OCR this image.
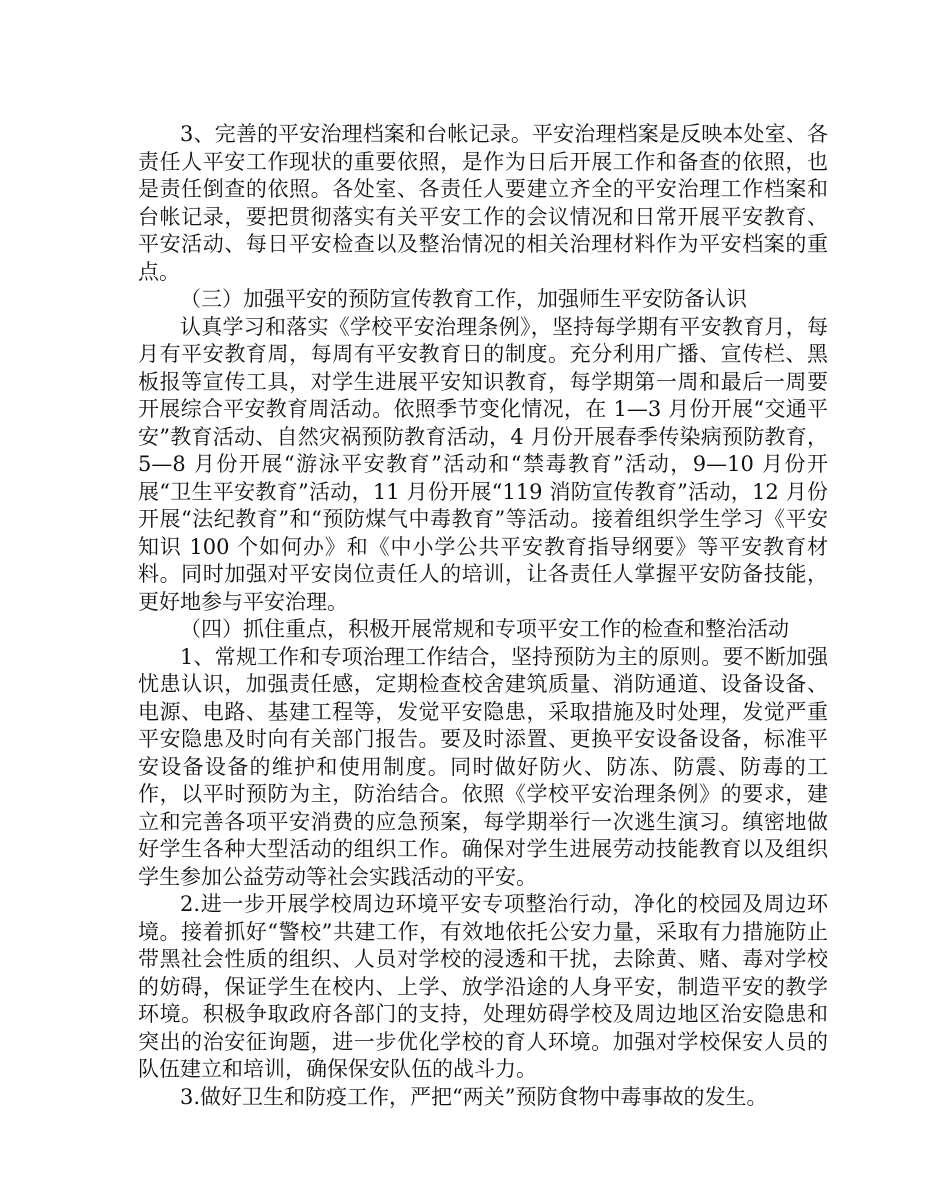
3、完善的平安治理档案和台帐记录。平安治理档案是反映本处室、各责任人平安工作现状的重要依照，是作为日后开展工作和备查的依照，也是责任倒查的依照。各处室、各责任人要建立齐全的平安治理工作档案和台帐记录，要把贯彻落实有关平安工作的会议情况和日常开展平安教育、平安活动、每日平安检查以及整治情况的相关治理材料作为平安档案的重点。

（三）加强平安的预防宣传教育工作，加强师生平安防备认识

认真学习和落实《学校平安治理条例》，坚持每学期有平安教育月，每月有平安教育周，每周有平安教育日的制度。充分利用广播、宣传栏、黑板报等宣传工具，对学生进展平安知识教育，每学期第一周和最后一周要开展综合平安教育周活动。依照季节变化情况，在 1—3 月份开展“交通平安”教育活动、自然灾祸预防教育活动，4 月份开展春季传染病预防教育，5—8 月份开展“游泳平安教育”活动和“禁毒教育”活动，9—10 月份开展“卫生平安教育”活动，11 月份开展“119 消防宣传教育”活动，12 月份开展“法纪教育”和“预防煤气中毒教育”等活动。接着组织学生学习《平安知识 100 个如何办》和《中小学公共平安教育指导纲要》等平安教育材料。同时加强对平安岗位责任人的培训，让各责任人掌握平安防备技能，更好地参与平安治理。

（四）抓住重点，积极开展常规和专项平安工作的检查和整治活动

1、常规工作和专项治理工作结合，坚持预防为主的原则。要不断加强忧患认识，加强责任感，定期检查校舍建筑质量、消防通道、设备设备、电源、电路、基建工程等，发觉平安隐患，采取措施及时处理，发觉严重平安隐患及时向有关部门报告。要及时添置、更换平安设备设备，标准平安设备设备的维护和使用制度。同时做好防火、防冻、防震、防毒的工作，以平时预防为主，防治结合。依照《学校平安治理条例》的要求，建立和完善各项平安消费的应急预案，每学期举行一次逃生演习。缜密地做好学生各种大型活动的组织工作。确保对学生进展劳动技能教育以及组织学生参加公益劳动等社会实践活动的平安。

2.进一步开展学校周边环境平安专项整治行动，净化的校园及周边环境。接着抓好“警校”共建工作，有效地依托公安力量，采取有力措施防止带黑社会性质的组织、人员对学校的浸透和干扰，去除黄、赌、毒对学校的妨碍，保证学生在校内、上学、放学沿途的人身平安，制造平安的教学环境。积极争取政府各部门的支持，处理妨碍学校及周边地区治安隐患和突出的治安征询题，进一步优化学校的育人环境。加强对学校保安人员的队伍建立和培训，确保保安队伍的战斗力。

3.做好卫生和防疫工作，严把“两关”预防食物中毒事故的发生。
